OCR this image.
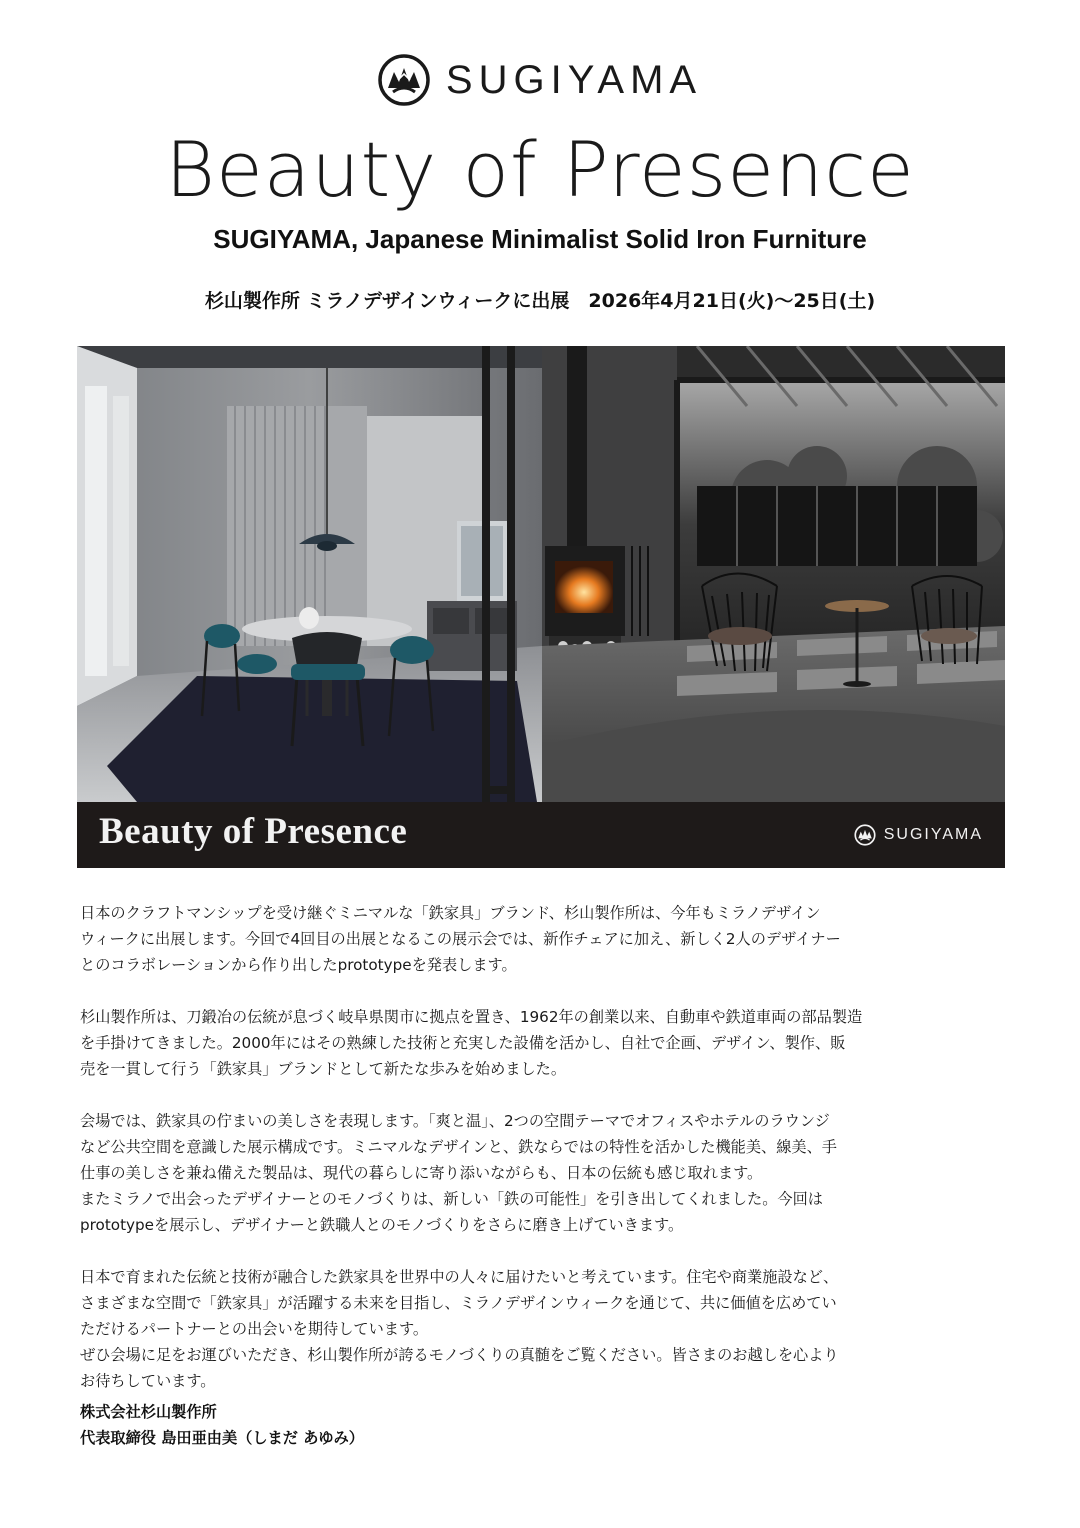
SUGIYAMA
Beauty of Presence
SUGIYAMA, Japanese Minimalist Solid Iron Furniture
杉山製作所 ミラノデザインウィークに出展　2026年4月21日(火)～25日(土)
Beauty of Presence	SUGIYAMA
日本のクラフトマンシップを受け継ぐミニマルな「鉄家具」ブランド、杉山製作所は、今年もミラノデザイン
ウィークに出展します。今回で4回目の出展となるこの展示会では、新作チェアに加え、新しく2人のデザイナー
とのコラボレーションから作り出したprototypeを発表します。
杉山製作所は、刀鍛冶の伝統が息づく岐阜県関市に拠点を置き、1962年の創業以来、自動車や鉄道車両の部品製造
を手掛けてきました。2000年にはその熟練した技術と充実した設備を活かし、自社で企画、デザイン、製作、販
売を一貫して行う「鉄家具」ブランドとして新たな歩みを始めました。
会場では、鉄家具の佇まいの美しさを表現します。「爽と温」、2つの空間テーマでオフィスやホテルのラウンジ
など公共空間を意識した展示構成です。ミニマルなデザインと、鉄ならではの特性を活かした機能美、線美、手
仕事の美しさを兼ね備えた製品は、現代の暮らしに寄り添いながらも、日本の伝統も感じ取れます。
またミラノで出会ったデザイナーとのモノづくりは、新しい「鉄の可能性」を引き出してくれました。今回は
prototypeを展示し、デザイナーと鉄職人とのモノづくりをさらに磨き上げていきます。
日本で育まれた伝統と技術が融合した鉄家具を世界中の人々に届けたいと考えています。住宅や商業施設など、
さまざまな空間で「鉄家具」が活躍する未来を目指し、ミラノデザインウィークを通じて、共に価値を広めてい
ただけるパートナーとの出会いを期待しています。
ぜひ会場に足をお運びいただき、杉山製作所が誇るモノづくりの真髄をご覧ください。皆さまのお越しを心より
お待ちしています。
株式会社杉山製作所
代表取締役 島田亜由美（しまだ あゆみ）
